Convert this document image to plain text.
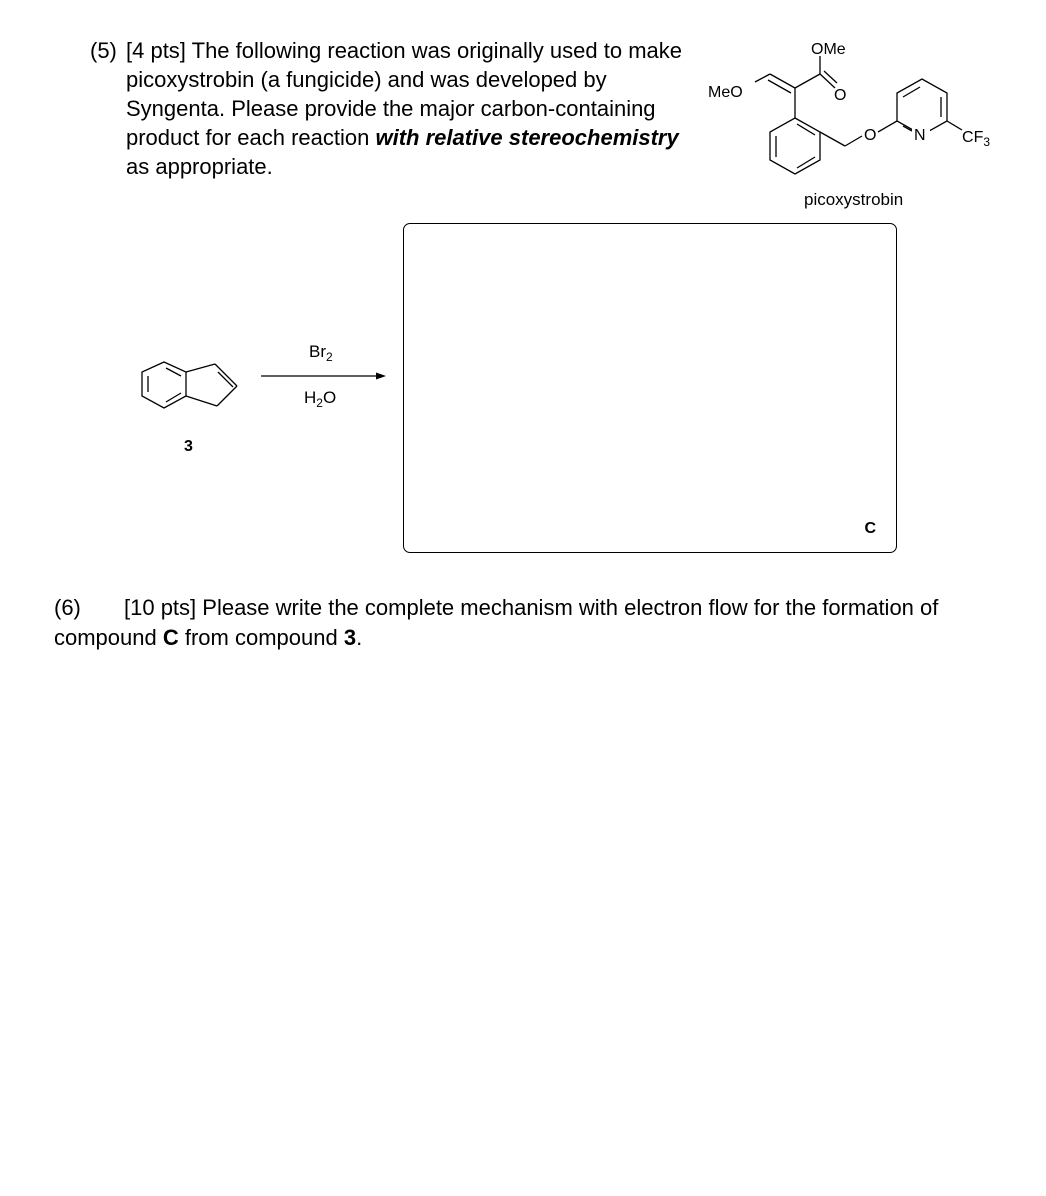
(5) [4 pts] The following reaction was originally used to make picoxystrobin (a fungicide) and was developed by Syngenta. Please provide the major carbon-containing product for each reaction with relative stereochemistry as appropriate.
OMe
MeO	O
O N $CF_3$
picoxystrobin
$Br_2$
$H_2O$
3
C
(6) [10 pts] Please write the complete mechanism with electron flow for the formation of compound C from compound 3.
